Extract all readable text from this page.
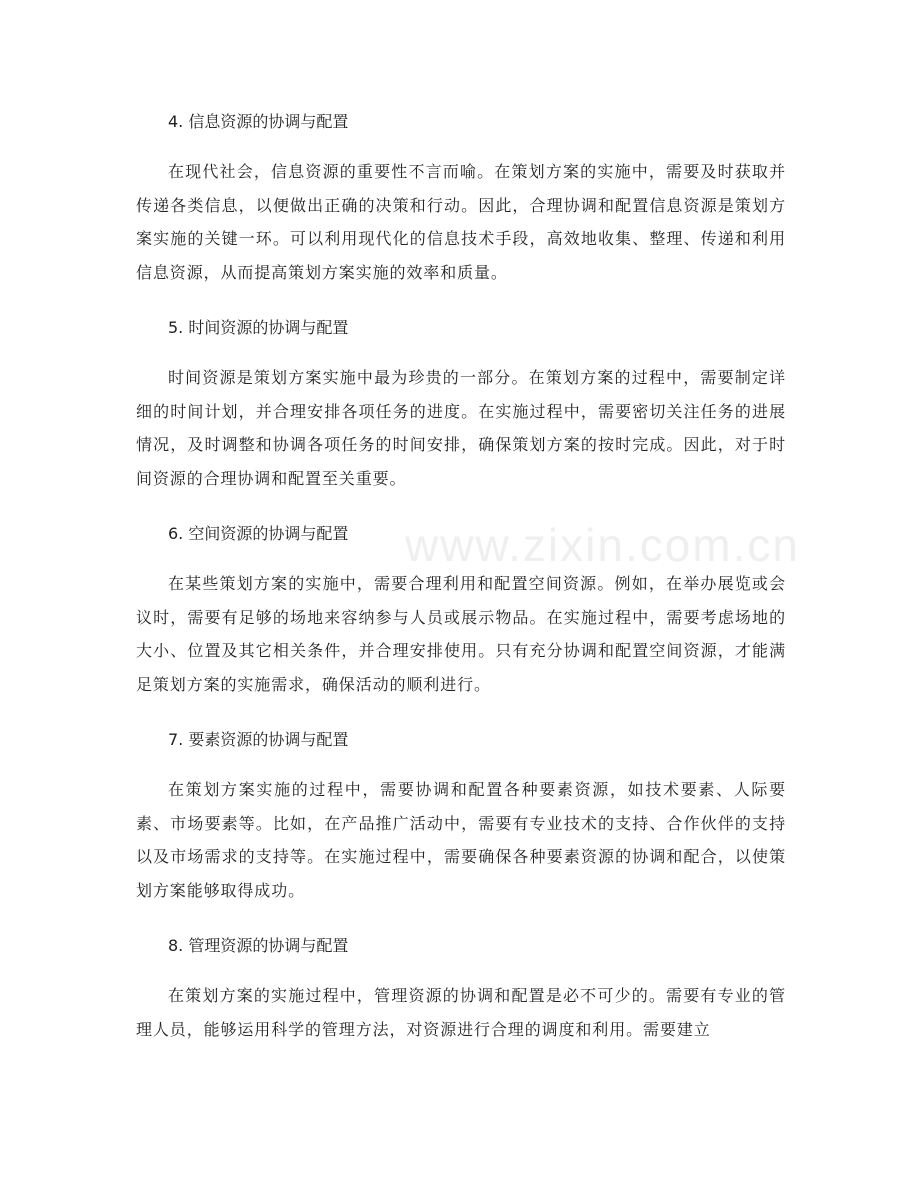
www.zixin.com.cn
4. 信息资源的协调与配置

在现代社会，信息资源的重要性不言而喻。在策划方案的实施中，需要及时获取并传递各类信息，以便做出正确的决策和行动。因此，合理协调和配置信息资源是策划方案实施的关键一环。可以利用现代化的信息技术手段，高效地收集、整理、传递和利用信息资源，从而提高策划方案实施的效率和质量。

5. 时间资源的协调与配置

时间资源是策划方案实施中最为珍贵的一部分。在策划方案的过程中，需要制定详细的时间计划，并合理安排各项任务的进度。在实施过程中，需要密切关注任务的进展情况，及时调整和协调各项任务的时间安排，确保策划方案的按时完成。因此，对于时间资源的合理协调和配置至关重要。

6. 空间资源的协调与配置

在某些策划方案的实施中，需要合理利用和配置空间资源。例如，在举办展览或会议时，需要有足够的场地来容纳参与人员或展示物品。在实施过程中，需要考虑场地的大小、位置及其它相关条件，并合理安排使用。只有充分协调和配置空间资源，才能满足策划方案的实施需求，确保活动的顺利进行。

7. 要素资源的协调与配置

在策划方案实施的过程中，需要协调和配置各种要素资源，如技术要素、人际要素、市场要素等。比如，在产品推广活动中，需要有专业技术的支持、合作伙伴的支持以及市场需求的支持等。在实施过程中，需要确保各种要素资源的协调和配合，以使策划方案能够取得成功。

8. 管理资源的协调与配置

在策划方案的实施过程中，管理资源的协调和配置是必不可少的。需要有专业的管理人员，能够运用科学的管理方法，对资源进行合理的调度和利用。需要建立
